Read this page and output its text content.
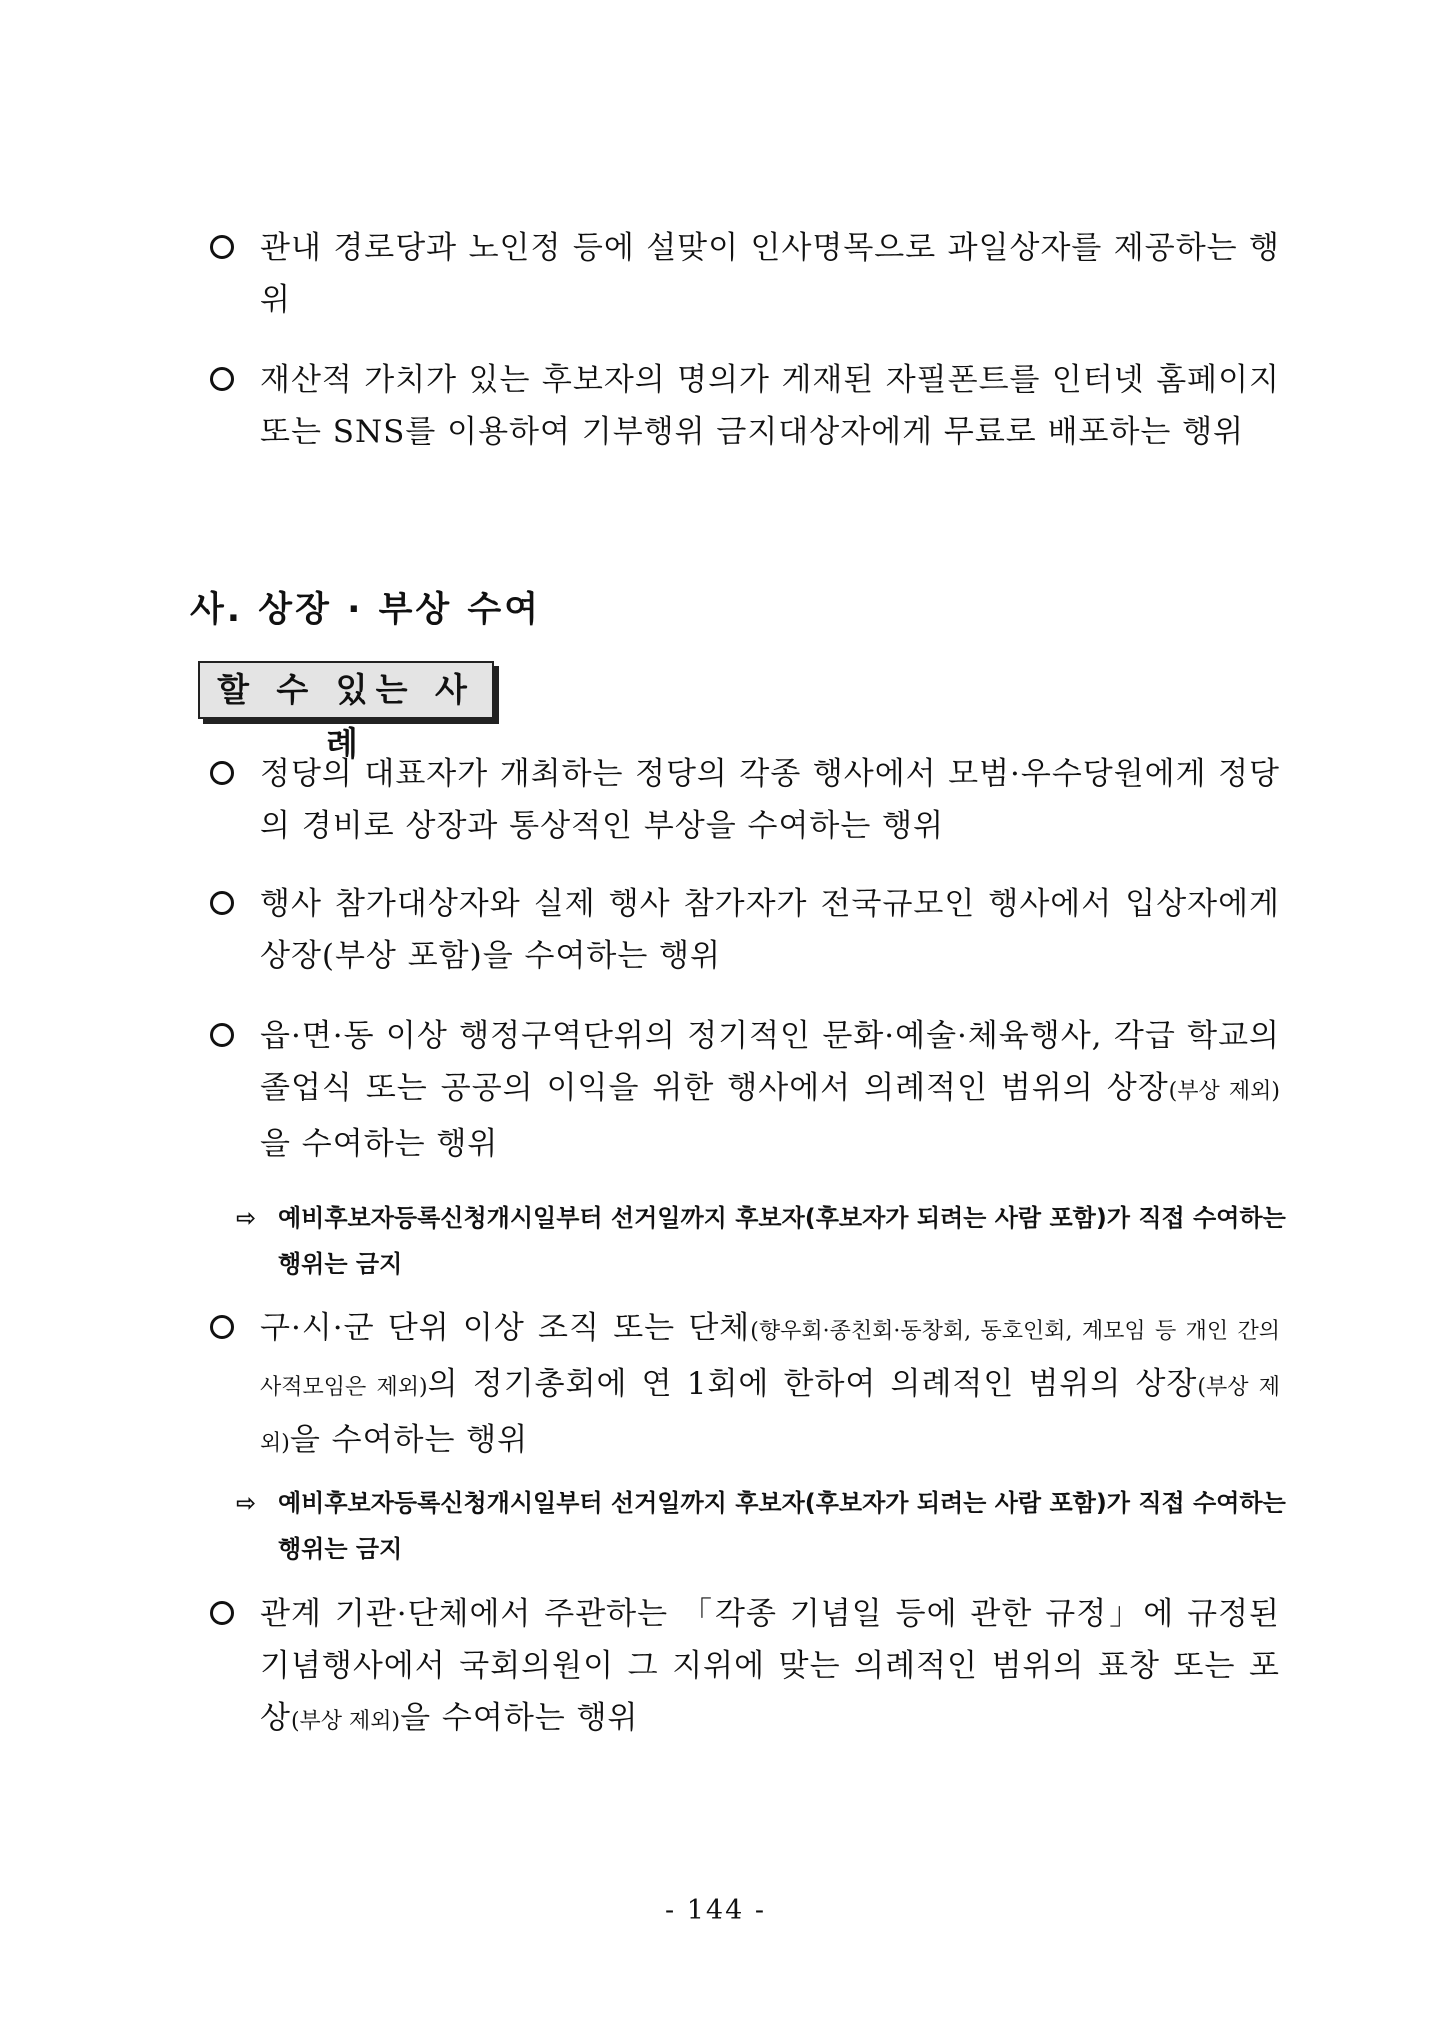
관내 경로당과 노인정 등에 설맞이 인사명목으로 과일상자를 제공하는 행위
재산적 가치가 있는 후보자의 명의가 게재된 자필폰트를 인터넷 홈페이지 또는 SNS를 이용하여 기부행위 금지대상자에게 무료로 배포하는 행위
사. 상장 · 부상 수여
할 수 있는 사례
정당의 대표자가 개최하는 정당의 각종 행사에서 모범·우수당원에게 정당의 경비로 상장과 통상적인 부상을 수여하는 행위
행사 참가대상자와 실제 행사 참가자가 전국규모인 행사에서 입상자에게 상장(부상 포함)을 수여하는 행위
읍·면·동 이상 행정구역단위의 정기적인 문화·예술·체육행사, 각급 학교의 졸업식 또는 공공의 이익을 위한 행사에서 의례적인 범위의 상장(부상 제외)을 수여하는 행위
⇨ 예비후보자등록신청개시일부터 선거일까지 후보자(후보자가 되려는 사람 포함)가 직접 수여하는 행위는 금지
구·시·군 단위 이상 조직 또는 단체(향우회·종친회·동창회, 동호인회, 계모임 등 개인 간의 사적모임은 제외)의 정기총회에 연 1회에 한하여 의례적인 범위의 상장(부상 제외)을 수여하는 행위
⇨ 예비후보자등록신청개시일부터 선거일까지 후보자(후보자가 되려는 사람 포함)가 직접 수여하는 행위는 금지
관계 기관·단체에서 주관하는 「각종 기념일 등에 관한 규정」에 규정된 기념행사에서 국회의원이 그 지위에 맞는 의례적인 범위의 표창 또는 포상(부상 제외)을 수여하는 행위
- 144 -
